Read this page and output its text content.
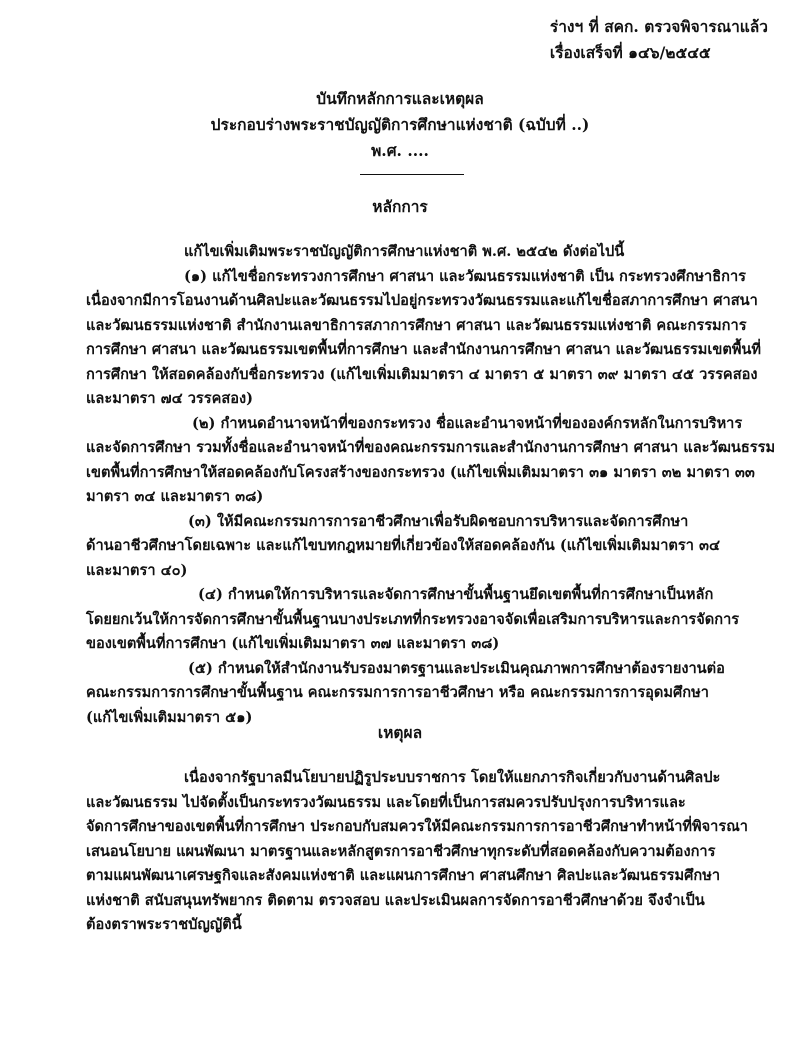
ร่างฯ ที่ สคก. ตรวจพิจารณาแล้ว
เรื่องเสร็จที่ ๑๔๖/๒๕๔๕
บันทึกหลักการและเหตุผล
ประกอบร่างพระราชบัญญัติการศึกษาแห่งชาติ (ฉบับที่ ..)
พ.ศ. ....
หลักการ

แก้ไขเพิ่มเติมพระราชบัญญัติการศึกษาแห่งชาติ พ.ศ. ๒๕๔๒ ดังต่อไปนี้

(๑) แก้ไขชื่อกระทรวงการศึกษา ศาสนา และวัฒนธรรมแห่งชาติ เป็น กระทรวงศึกษาธิการ

เนื่องจากมีการโอนงานด้านศิลปะและวัฒนธรรมไปอยู่กระทรวงวัฒนธรรมและแก้ไขชื่อสภาการศึกษา ศาสนา

และวัฒนธรรมแห่งชาติ สำนักงานเลขาธิการสภาการศึกษา ศาสนา และวัฒนธรรมแห่งชาติ คณะกรรมการ

การศึกษา ศาสนา และวัฒนธรรมเขตพื้นที่การศึกษา และสำนักงานการศึกษา ศาสนา และวัฒนธรรมเขตพื้นที่

การศึกษา ให้สอดคล้องกับชื่อกระทรวง (แก้ไขเพิ่มเติมมาตรา ๔ มาตรา ๕ มาตรา ๓๙ มาตรา ๔๕ วรรคสอง

และมาตรา ๗๔ วรรคสอง)

(๒) กำหนดอำนาจหน้าที่ของกระทรวง ชื่อและอำนาจหน้าที่ขององค์กรหลักในการบริหาร

และจัดการศึกษา รวมทั้งชื่อและอำนาจหน้าที่ของคณะกรรมการและสำนักงานการศึกษา ศาสนา และวัฒนธรรม

เขตพื้นที่การศึกษาให้สอดคล้องกับโครงสร้างของกระทรวง (แก้ไขเพิ่มเติมมาตรา ๓๑ มาตรา ๓๒ มาตรา ๓๓

มาตรา ๓๔ และมาตรา ๓๘)

(๓) ให้มีคณะกรรมการการอาชีวศึกษาเพื่อรับผิดชอบการบริหารและจัดการศึกษา

ด้านอาชีวศึกษาโดยเฉพาะ และแก้ไขบทกฎหมายที่เกี่ยวข้องให้สอดคล้องกัน (แก้ไขเพิ่มเติมมาตรา ๓๔

และมาตรา ๔๐)

(๔) กำหนดให้การบริหารและจัดการศึกษาขั้นพื้นฐานยึดเขตพื้นที่การศึกษาเป็นหลัก

โดยยกเว้นให้การจัดการศึกษาขั้นพื้นฐานบางประเภทที่กระทรวงอาจจัดเพื่อเสริมการบริหารและการจัดการ

ของเขตพื้นที่การศึกษา (แก้ไขเพิ่มเติมมาตรา ๓๗ และมาตรา ๓๘)

(๕) กำหนดให้สำนักงานรับรองมาตรฐานและประเมินคุณภาพการศึกษาต้องรายงานต่อ

คณะกรรมการการศึกษาขั้นพื้นฐาน คณะกรรมการการอาชีวศึกษา หรือ คณะกรรมการการอุดมศึกษา

(แก้ไขเพิ่มเติมมาตรา ๕๑)

เหตุผล

เนื่องจากรัฐบาลมีนโยบายปฏิรูประบบราชการ โดยให้แยกภารกิจเกี่ยวกับงานด้านศิลปะ

และวัฒนธรรม ไปจัดตั้งเป็นกระทรวงวัฒนธรรม และโดยที่เป็นการสมควรปรับปรุงการบริหารและ

จัดการศึกษาของเขตพื้นที่การศึกษา ประกอบกับสมควรให้มีคณะกรรมการการอาชีวศึกษาทำหน้าที่พิจารณา

เสนอนโยบาย แผนพัฒนา มาตรฐานและหลักสูตรการอาชีวศึกษาทุกระดับที่สอดคล้องกับความต้องการ

ตามแผนพัฒนาเศรษฐกิจและสังคมแห่งชาติ และแผนการศึกษา ศาสนศึกษา ศิลปะและวัฒนธรรมศึกษา

แห่งชาติ สนับสนุนทรัพยากร ติดตาม ตรวจสอบ และประเมินผลการจัดการอาชีวศึกษาด้วย จึงจำเป็น

ต้องตราพระราชบัญญัตินี้
